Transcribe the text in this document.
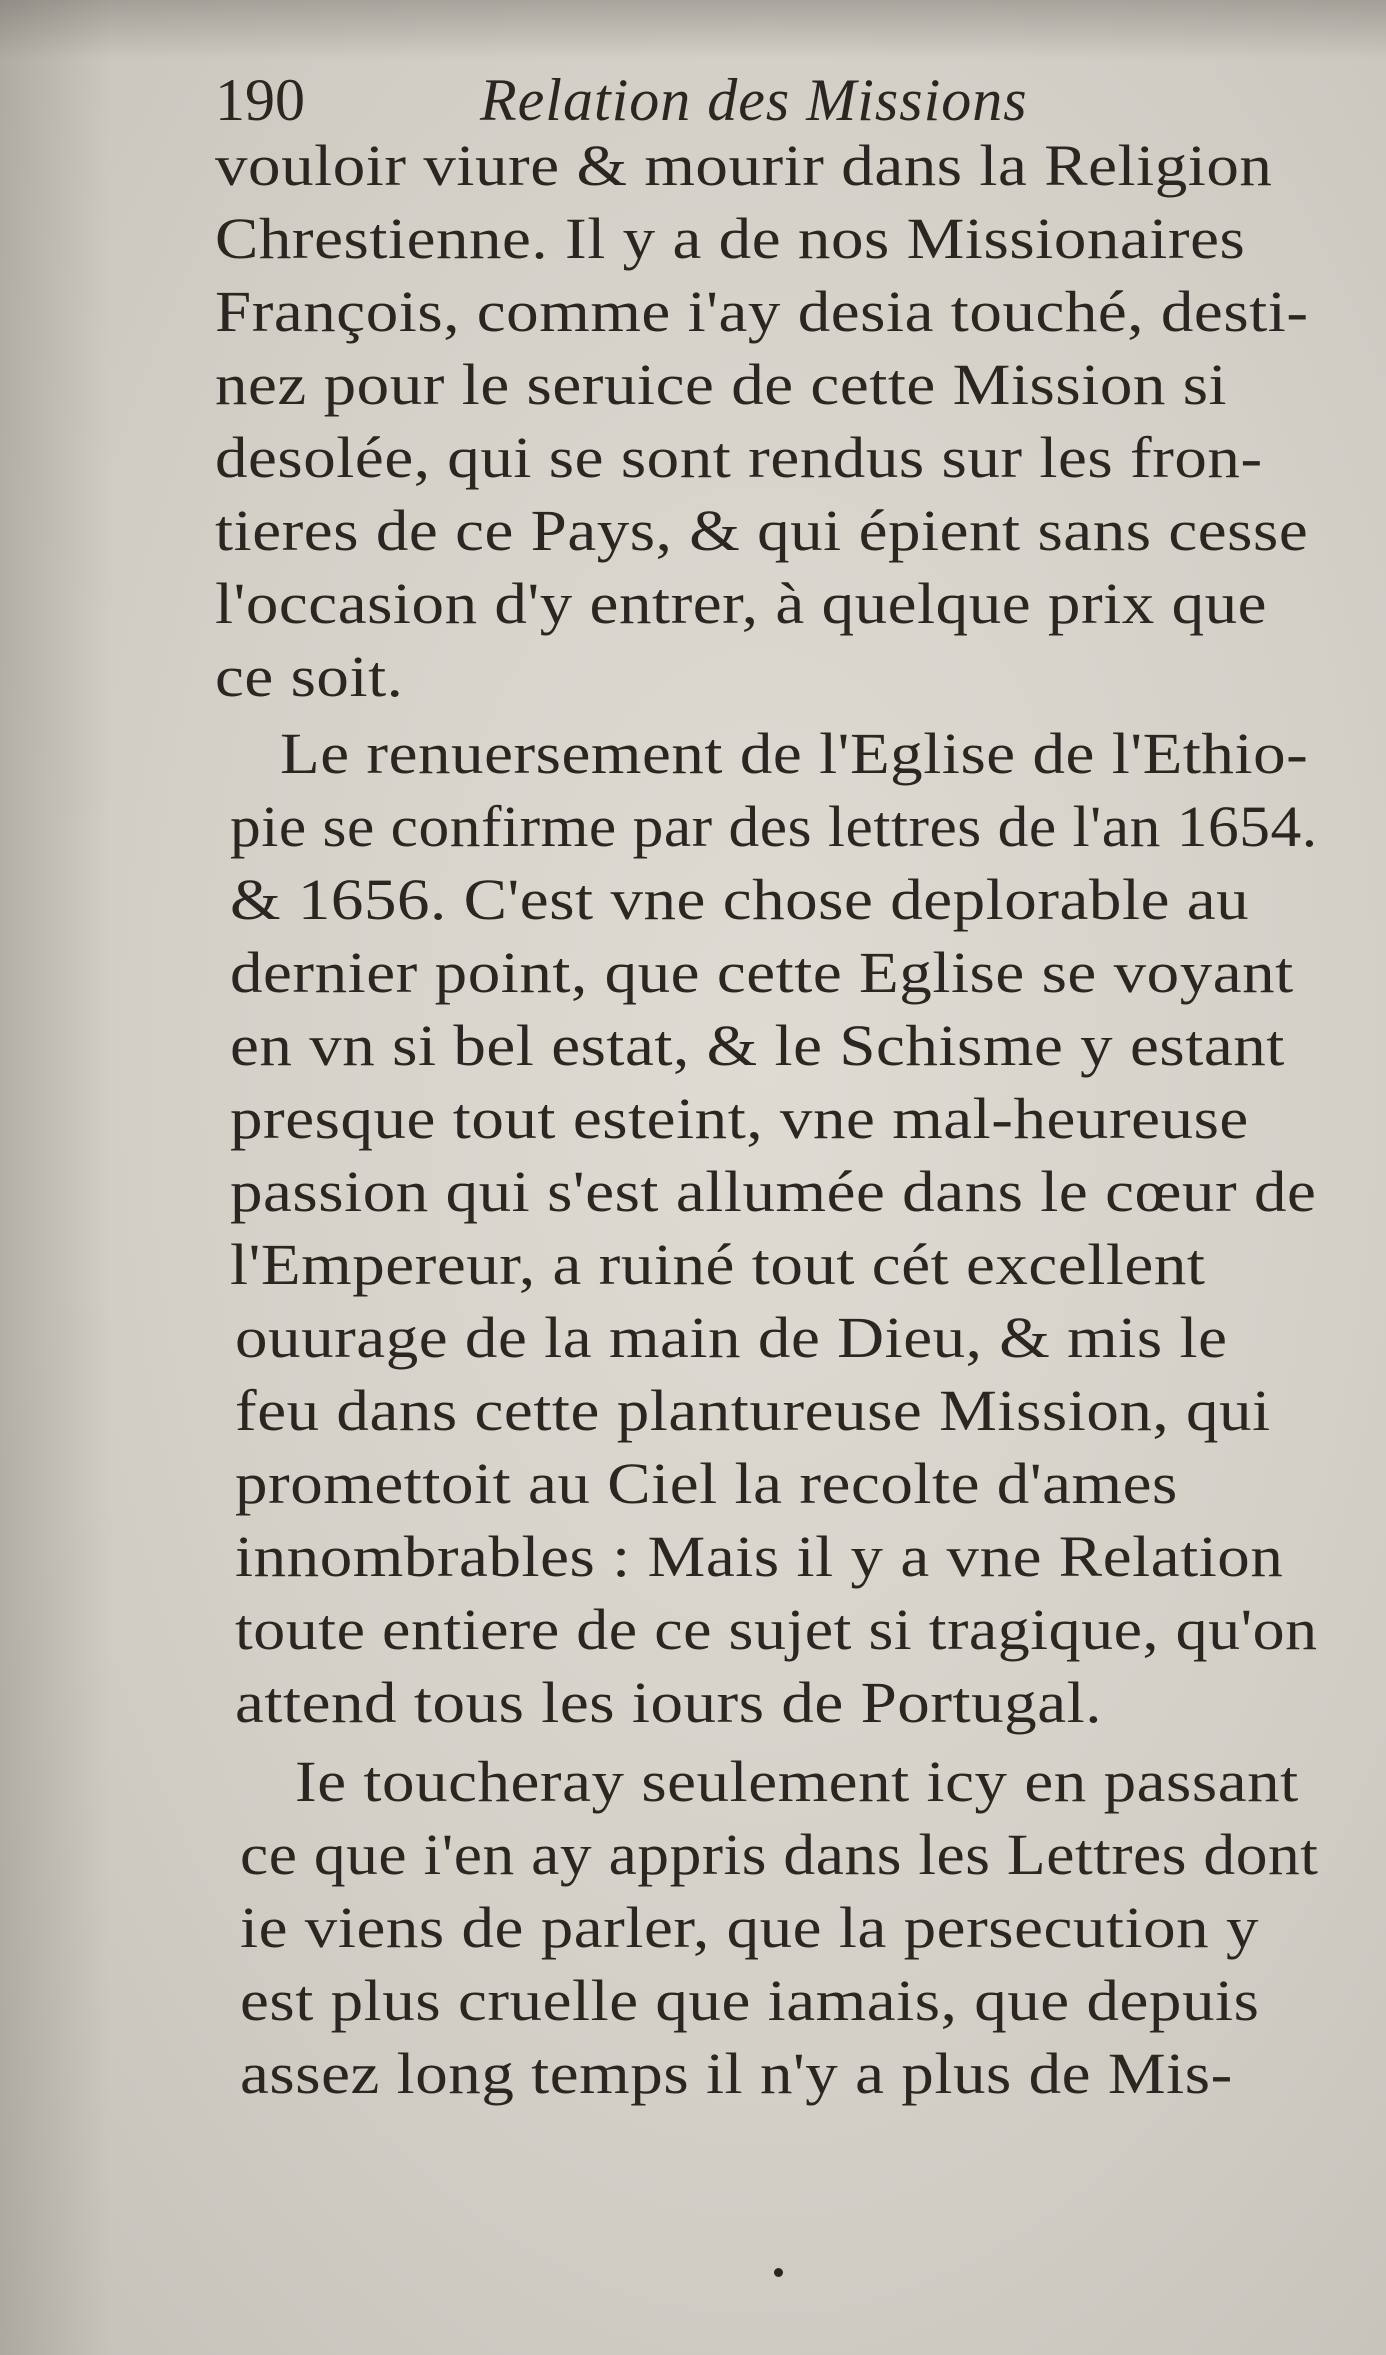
190	Relation des Missions
vouloir viure & mourir dans la Religion
Chrestienne. Il y a de nos Missionaires
François, comme i'ay desia touché, desti-
nez pour le seruice de cette Mission si
desolée, qui se sont rendus sur les fron-
tieres de ce Pays, & qui épient sans cesse
l'occasion d'y entrer, à quelque prix que
ce soit.
Le renuersement de l'Eglise de l'Ethio-
pie se confirme par des lettres de l'an 1654.
& 1656. C'est vne chose deplorable au
dernier point, que cette Eglise se voyant
en vn si bel estat, & le Schisme y estant
presque tout esteint, vne mal-heureuse
passion qui s'est allumée dans le cœur de
l'Empereur, a ruiné tout cét excellent
ouurage de la main de Dieu, & mis le
feu dans cette plantureuse Mission, qui
promettoit au Ciel la recolte d'ames
innombrables : Mais il y a vne Relation
toute entiere de ce sujet si tragique, qu'on
attend tous les iours de Portugal.
Ie toucheray seulement icy en passant
ce que i'en ay appris dans les Lettres dont
ie viens de parler, que la persecution y
est plus cruelle que iamais, que depuis
assez long temps il n'y a plus de Mis-
